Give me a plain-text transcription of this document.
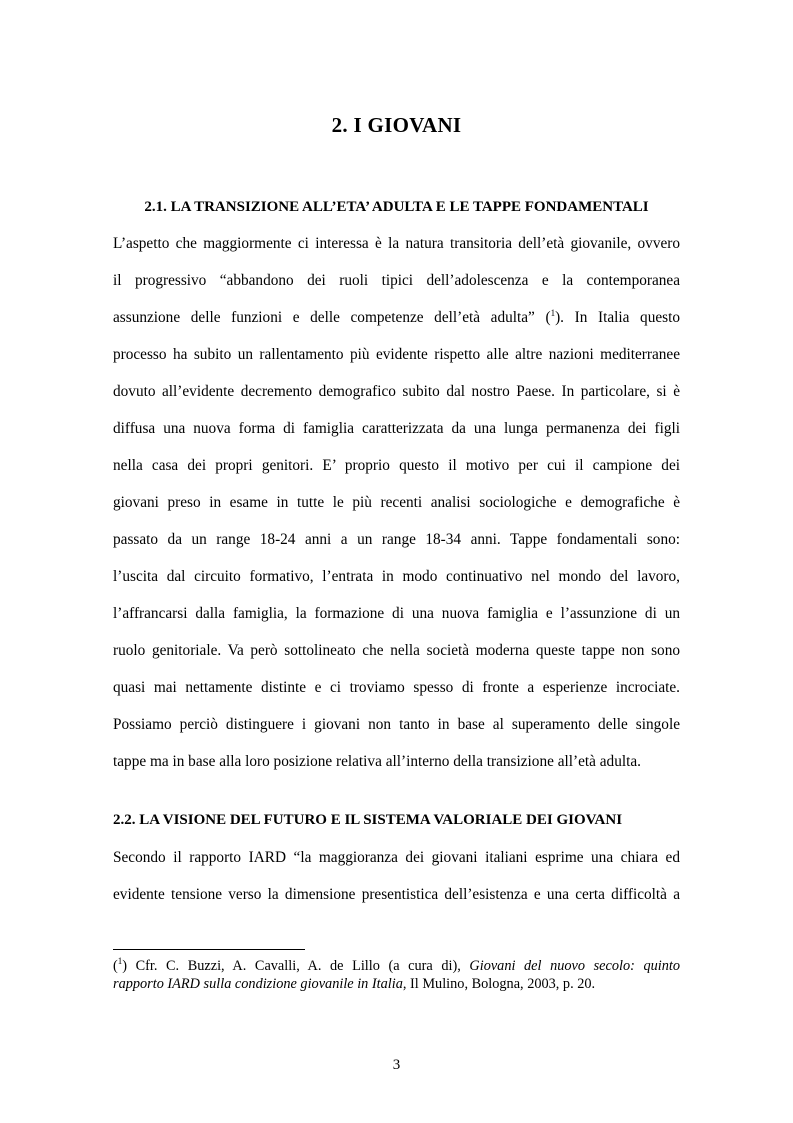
2. I GIOVANI
2.1. LA TRANSIZIONE ALL’ETA’ ADULTA E LE TAPPE FONDAMENTALI
L’aspetto che maggiormente ci interessa è la natura transitoria dell’età giovanile, ovvero
il progressivo “abbandono dei ruoli tipici dell’adolescenza e la contemporanea
assunzione delle funzioni e delle competenze dell’età adulta” ($^1$). In Italia questo
processo ha subito un rallentamento più evidente rispetto alle altre nazioni mediterranee
dovuto all’evidente decremento demografico subito dal nostro Paese. In particolare, si è
diffusa una nuova forma di famiglia caratterizzata da una lunga permanenza dei figli
nella casa dei propri genitori. E’ proprio questo il motivo per cui il campione dei
giovani preso in esame in tutte le più recenti analisi sociologiche e demografiche è
passato da un range 18-24 anni a un range 18-34 anni. Tappe fondamentali sono:
l’uscita dal circuito formativo, l’entrata in modo continuativo nel mondo del lavoro,
l’affrancarsi dalla famiglia, la formazione di una nuova famiglia e l’assunzione di un
ruolo genitoriale. Va però sottolineato che nella società moderna queste tappe non sono
quasi mai nettamente distinte e ci troviamo spesso di fronte a esperienze incrociate.
Possiamo perciò distinguere i giovani non tanto in base al superamento delle singole
tappe ma in base alla loro posizione relativa all’interno della transizione all’età adulta.
2.2. LA VISIONE DEL FUTURO E IL SISTEMA VALORIALE DEI GIOVANI
Secondo il rapporto IARD “la maggioranza dei giovani italiani esprime una chiara ed
evidente tensione verso la dimensione presentistica dell’esistenza e una certa difficoltà a
($^1$) Cfr. C. Buzzi, A. Cavalli, A. de Lillo (a cura di), Giovani del nuovo secolo: quinto
rapporto IARD sulla condizione giovanile in Italia, Il Mulino, Bologna, 2003, p. 20.
3
